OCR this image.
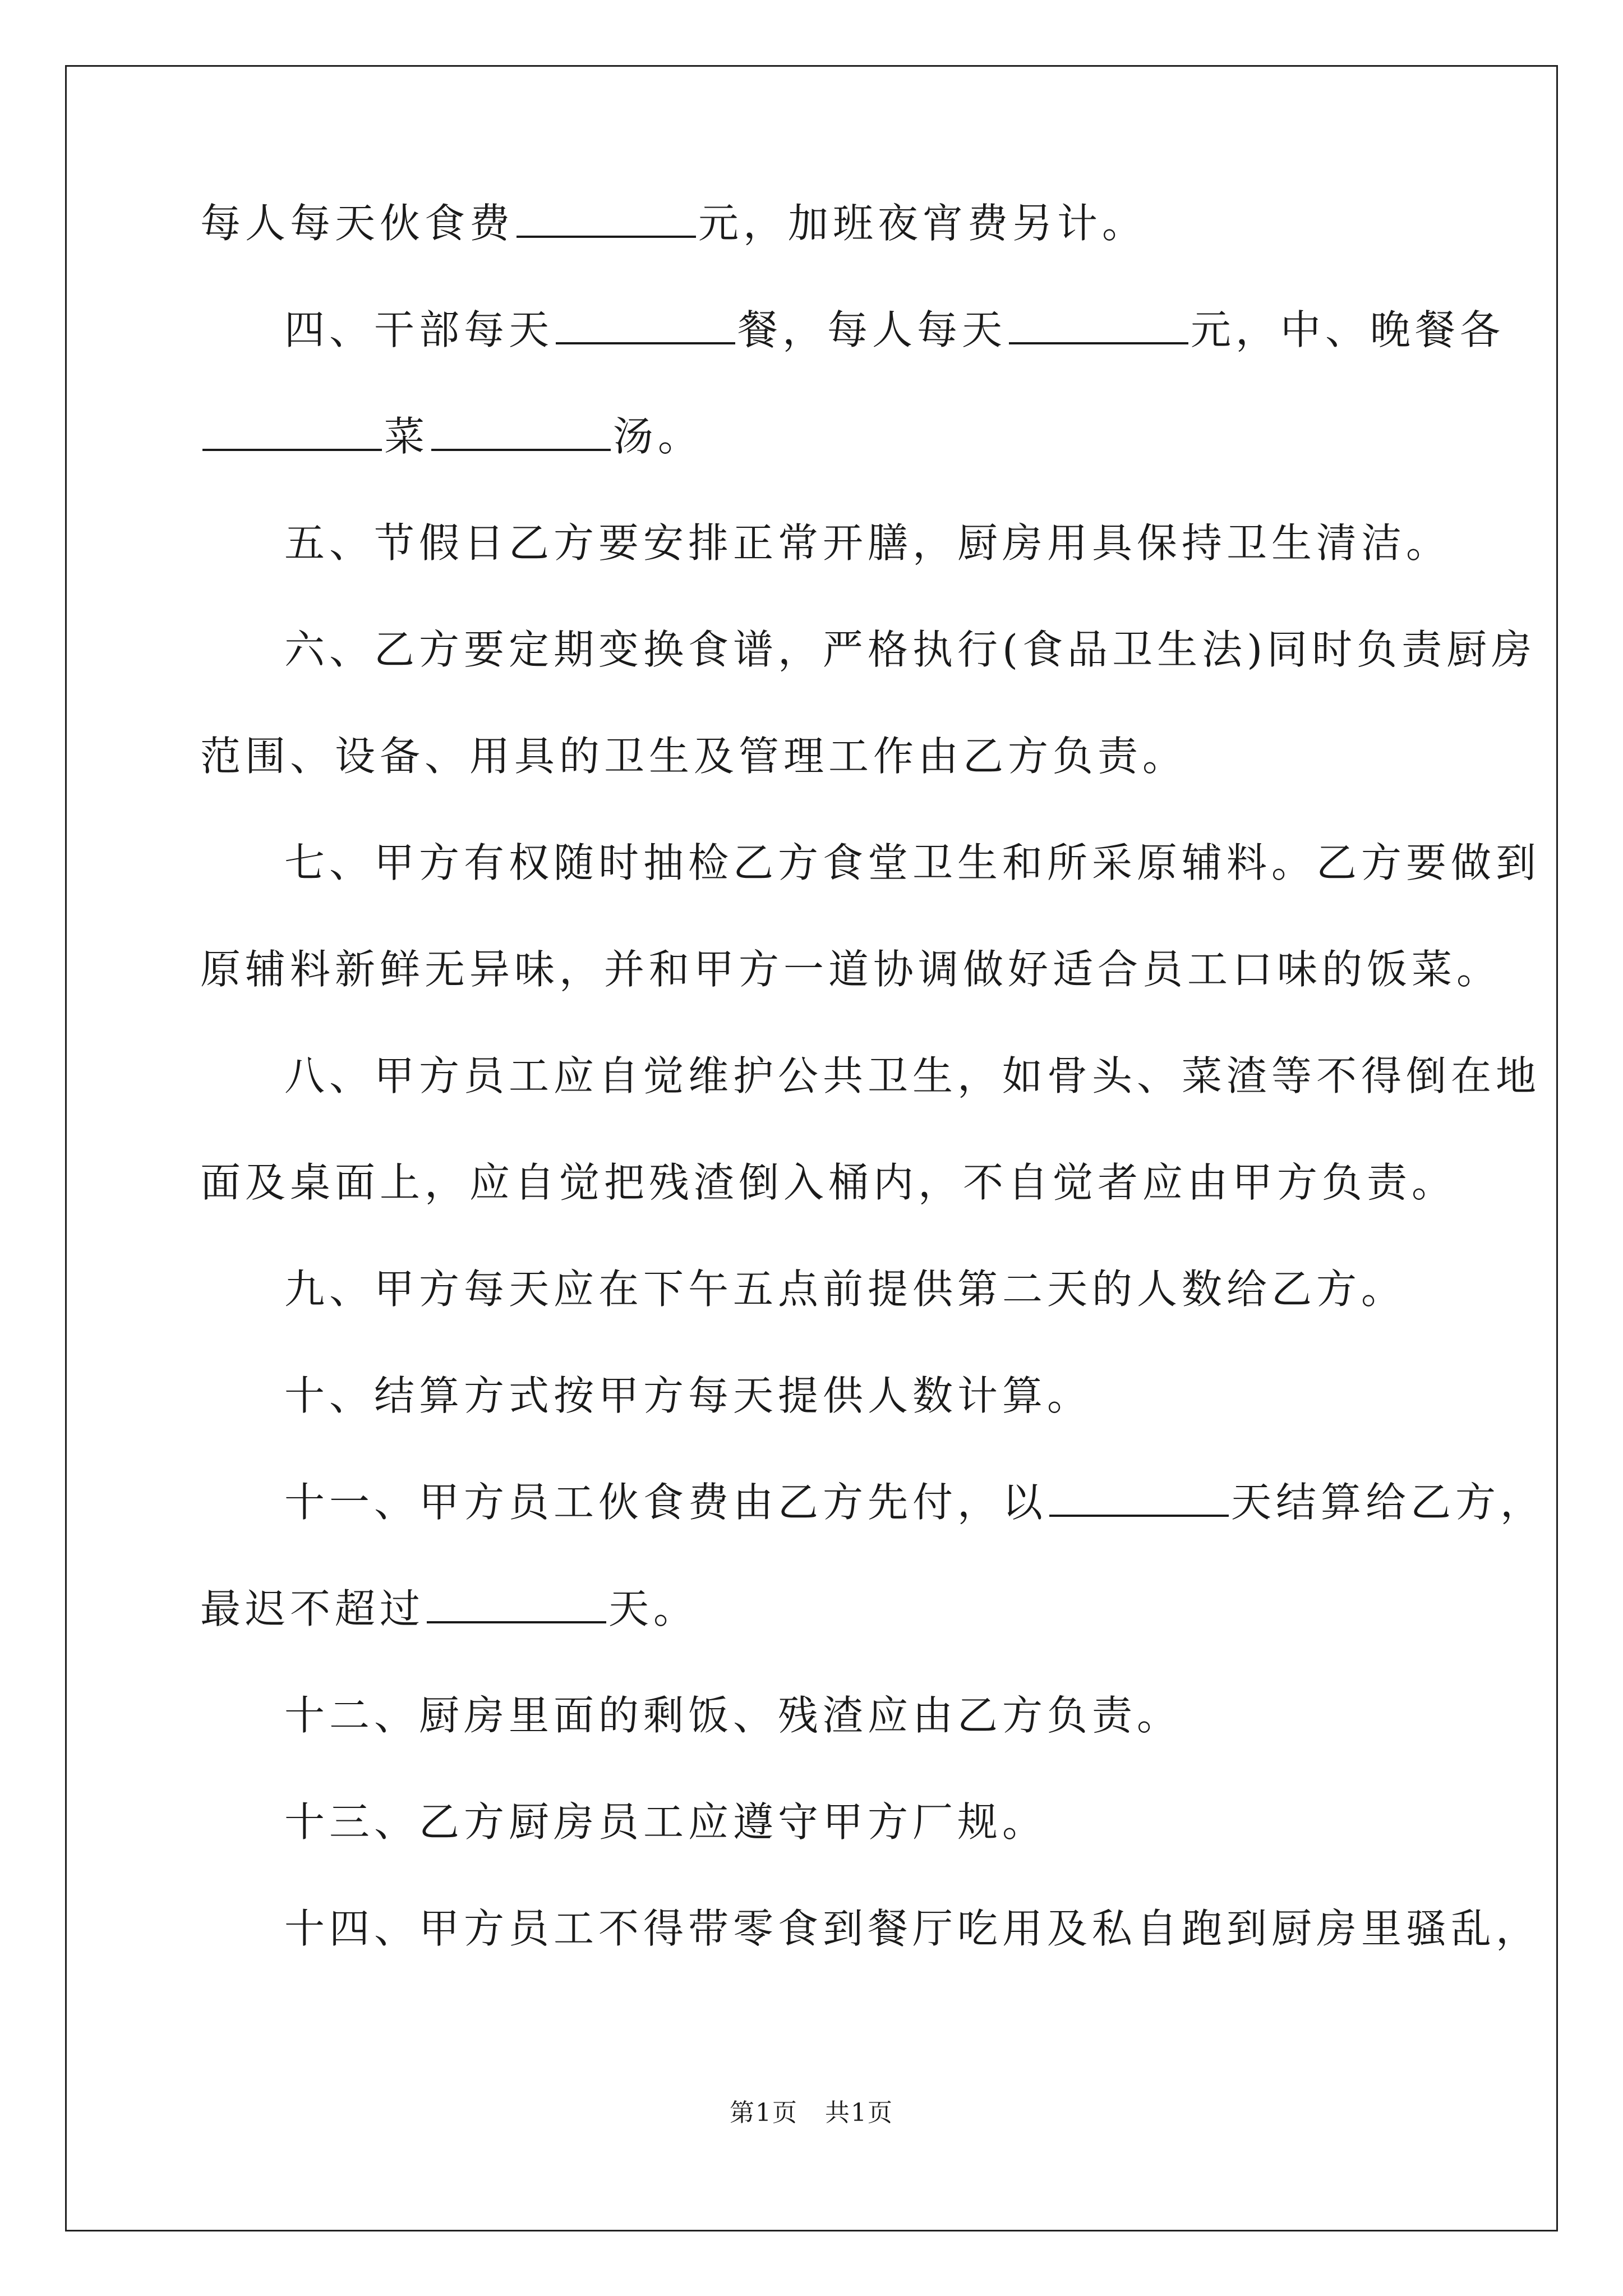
每人每天伙食费	元，加班夜宵费另计。
四、干部每天	餐，每人每天	元，中、晚餐各
菜	汤。
五、节假日乙方要安排正常开膳，厨房用具保持卫生清洁。
六、乙方要定期变换食谱，严格执行(食品卫生法)同时负责厨房
范围、设备、用具的卫生及管理工作由乙方负责。
七、甲方有权随时抽检乙方食堂卫生和所采原辅料。乙方要做到
原辅料新鲜无异味，并和甲方一道协调做好适合员工口味的饭菜。
八、甲方员工应自觉维护公共卫生，如骨头、菜渣等不得倒在地
面及桌面上，应自觉把残渣倒入桶内，不自觉者应由甲方负责。
九、甲方每天应在下午五点前提供第二天的人数给乙方。
十、结算方式按甲方每天提供人数计算。
十一、甲方员工伙食费由乙方先付，以	天结算给乙方，
最迟不超过	天。
十二、厨房里面的剩饭、残渣应由乙方负责。
十三、乙方厨房员工应遵守甲方厂规。
十四、甲方员工不得带零食到餐厅吃用及私自跑到厨房里骚乱，
第1页 共1页
